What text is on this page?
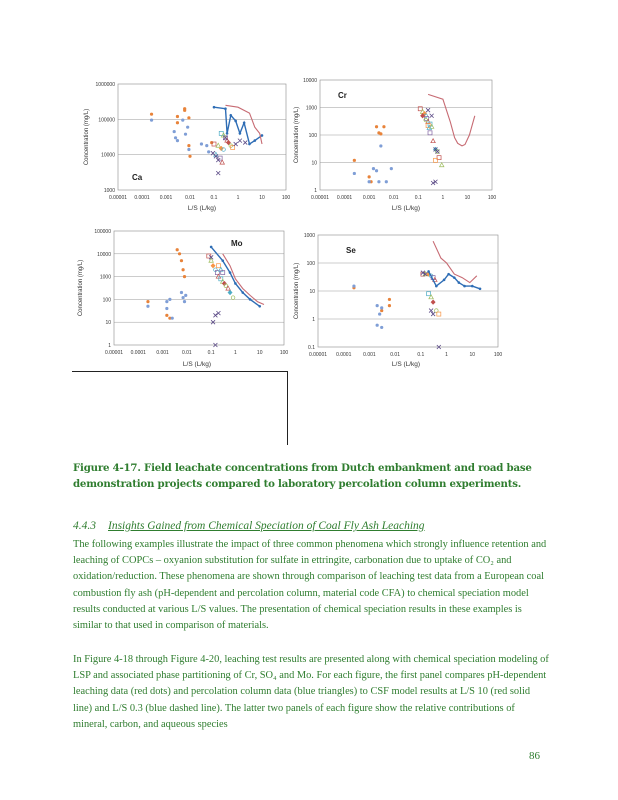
1000000
100000
10000
1000
0.00001 0.0001 0.001	0.01	0.1	1	10	100
Ca
L/S (L/kg)
Concentration (mg/L)
10000
1000
100
10
1
0.00001 0.0001 0.001	0.01	0.1	1	10	100
Cr
L/S (L/kg)
Concentration (mg/L)
100000
10000
1000
100
10
1
0.00001 0.0001 0.001	0.01	0.1	1	10	100
Mo
L/S (L/kg)
Concentration (mg/L)
1000
100
10
1
0.1
0.00001 0.0001 0.001	0.01	0.1	1	10	100
Se
L/S (L/kg)
Concentration (mg/L)
Figure 4‑17. Field leachate concentrations from Dutch embankment and road base demonstration projects compared to laboratory percolation column experiments.
4.4.3 Insights Gained from Chemical Speciation of Coal Fly Ash Leaching
The following examples illustrate the impact of three common phenomena which strongly influence retention and leaching of COPCs – oxyanion substitution for sulfate in ettringite, carbonation due to uptake of CO₂ and oxidation/reduction. These phenomena are shown through comparison of leaching test data from a European coal combustion fly ash (pH‑dependent and percolation column, material code CFA) to chemical speciation model results conducted at various L/S values. The presentation of chemical speciation results in these examples is similar to that used in comparison of materials.
In Figure 4‑18 through Figure 4‑20, leaching test results are presented along with chemical speciation modeling of LSP and associated phase partitioning of Cr, SO₄ and Mo. For each figure, the first panel compares pH‑dependent leaching data (red dots) and percolation column data (blue triangles) to CSF model results at L/S 10 (red solid line) and L/S 0.3 (blue dashed line). The latter two panels of each figure show the relative contributions of mineral, carbon, and aqueous species
86
